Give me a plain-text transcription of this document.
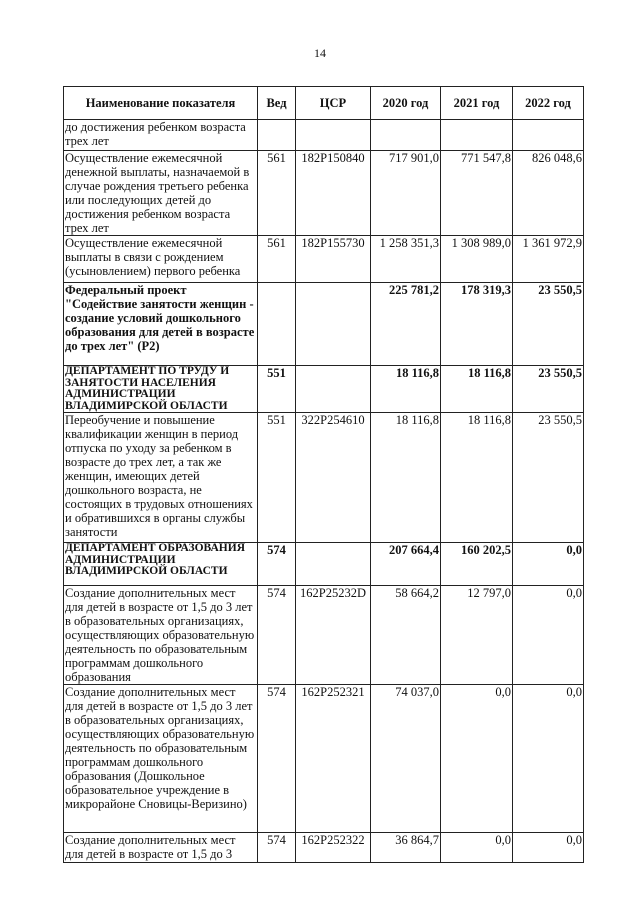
14
Наименование показателя	Вед	ЦСР	2020 год	2021 год	2022 год
до достижения ребенком возраста трех лет					
Осуществление ежемесячной денежной выплаты, назначаемой в случае рождения третьего ребенка или последующих детей до достижения ребенком возраста трех лет	561	182P150840	717 901,0	771 547,8	826 048,6
Осуществление ежемесячной выплаты в связи с рождением (усыновлением) первого ребенка	561	182P155730	1 258 351,3	1 308 989,0	1 361 972,9
Федеральный проект "Содействие занятости женщин - создание условий дошкольного образования для детей в возрасте до трех лет" (P2)			225 781,2	178 319,3	23 550,5
ДЕПАРТАМЕНТ ПО ТРУДУ И ЗАНЯТОСТИ НАСЕЛЕНИЯ АДМИНИСТРАЦИИ ВЛАДИМИРСКОЙ ОБЛАСТИ	551		18 116,8	18 116,8	23 550,5
Переобучение и повышение квалификации женщин в период отпуска по уходу за ребенком в возрасте до трех лет, а так же женщин, имеющих детей дошкольного возраста, не состоящих в трудовых отношениях и обратившихся в органы службы занятости	551	322P254610	18 116,8	18 116,8	23 550,5
ДЕПАРТАМЕНТ ОБРАЗОВАНИЯ АДМИНИСТРАЦИИ ВЛАДИМИРСКОЙ ОБЛАСТИ	574		207 664,4	160 202,5	0,0
Создание дополнительных мест для детей в возрасте от 1,5 до 3 лет в образовательных организациях, осуществляющих образовательную деятельность по образовательным программам дошкольного образования	574	162P25232D	58 664,2	12 797,0	0,0
Создание дополнительных мест для детей в возрасте от 1,5 до 3 лет в образовательных организациях, осуществляющих образовательную деятельность по образовательным программам дошкольного образования (Дошкольное образовательное учреждение в микрорайоне Сновицы-Веризино)	574	162P252321	74 037,0	0,0	0,0
Создание дополнительных мест для детей в возрасте от 1,5 до 3	574	162P252322	36 864,7	0,0	0,0
